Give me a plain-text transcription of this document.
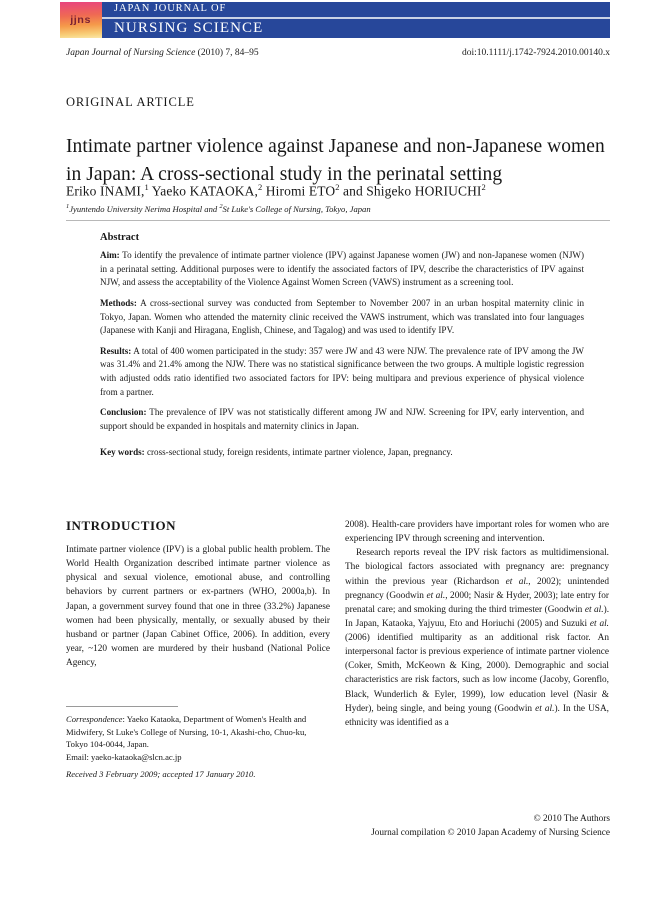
jjns
JAPAN JOURNAL OF
NURSING SCIENCE
Japan Journal of Nursing Science (2010) 7, 84–95	doi:10.1111/j.1742-7924.2010.00140.x
ORIGINAL ARTICLE
Intimate partner violence against Japanese and non-Japanese women in Japan: A cross-sectional study in the perinatal setting
Eriko INAMI,$^1$ Yaeko KATAOKA,$^2$ Hiromi ETO$^2$ and Shigeko HORIUCHI$^2$
$^1$Jyuntendo University Nerima Hospital and $^2$St Luke's College of Nursing, Tokyo, Japan
Abstract

Aim: To identify the prevalence of intimate partner violence (IPV) against Japanese women (JW) and non-Japanese women (NJW) in a perinatal setting. Additional purposes were to identify the associated factors of IPV, describe the characteristics of IPV against NJW, and assess the acceptability of the Violence Against Women Screen (VAWS) instrument as a screening tool.

Methods: A cross-sectional survey was conducted from September to November 2007 in an urban hospital maternity clinic in Tokyo, Japan. Women who attended the maternity clinic received the VAWS instrument, which was translated into four languages (Japanese with Kanji and Hiragana, English, Chinese, and Tagalog) and was used to identify IPV.

Results: A total of 400 women participated in the study: 357 were JW and 43 were NJW. The prevalence rate of IPV among the JW was 31.4% and 21.4% among the NJW. There was no statistical significance between the two groups. A multiple logistic regression with adjusted odds ratio identified two associated factors for IPV: being multipara and previous experience of physical violence from a partner.

Conclusion: The prevalence of IPV was not statistically different among JW and NJW. Screening for IPV, early intervention, and support should be expanded in hospitals and maternity clinics in Japan.

Key words: cross-sectional study, foreign residents, intimate partner violence, Japan, pregnancy.

INTRODUCTION

Intimate partner violence (IPV) is a global public health problem. The World Health Organization described intimate partner violence as physical and sexual violence, emotional abuse, and controlling behaviors by current partners or ex-partners (WHO, 2000a,b). In Japan, a government survey found that one in three (33.2%) Japanese women had been physically, mentally, or sexually abused by their husband or partner (Japan Cabinet Office, 2006). In addition, every year, ~120 women are murdered by their husband (National Police Agency,

2008). Health-care providers have important roles for women who are experiencing IPV through screening and intervention.

Research reports reveal the IPV risk factors as multidimensional. The biological factors associated with pregnancy are: pregnancy within the previous year (Richardson et al., 2002); unintended pregnancy (Goodwin et al., 2000; Nasir & Hyder, 2003); late entry for prenatal care; and smoking during the third trimester (Goodwin et al.). In Japan, Kataoka, Yajyuu, Eto and Horiuchi (2005) and Suzuki et al. (2006) identified multiparity as an additional risk factor. An interpersonal factor is previous experience of intimate partner violence (Coker, Smith, McKeown & King, 2000). Demographic and social characteristics are risk factors, such as low income (Jacoby, Gorenflo, Black, Wunderlich & Eyler, 1999), low education level (Nasir & Hyder), being single, and being young (Goodwin et al.). In the USA, ethnicity was identified as a

Correspondence: Yaeko Kataoka, Department of Women's Health and Midwifery, St Luke's College of Nursing, 10-1, Akashi-cho, Chuo-ku, Tokyo 104-0044, Japan.

Email: yaeko-kataoka@slcn.ac.jp

Received 3 February 2009; accepted 17 January 2010.

© 2010 The Authors
Journal compilation © 2010 Japan Academy of Nursing Science
